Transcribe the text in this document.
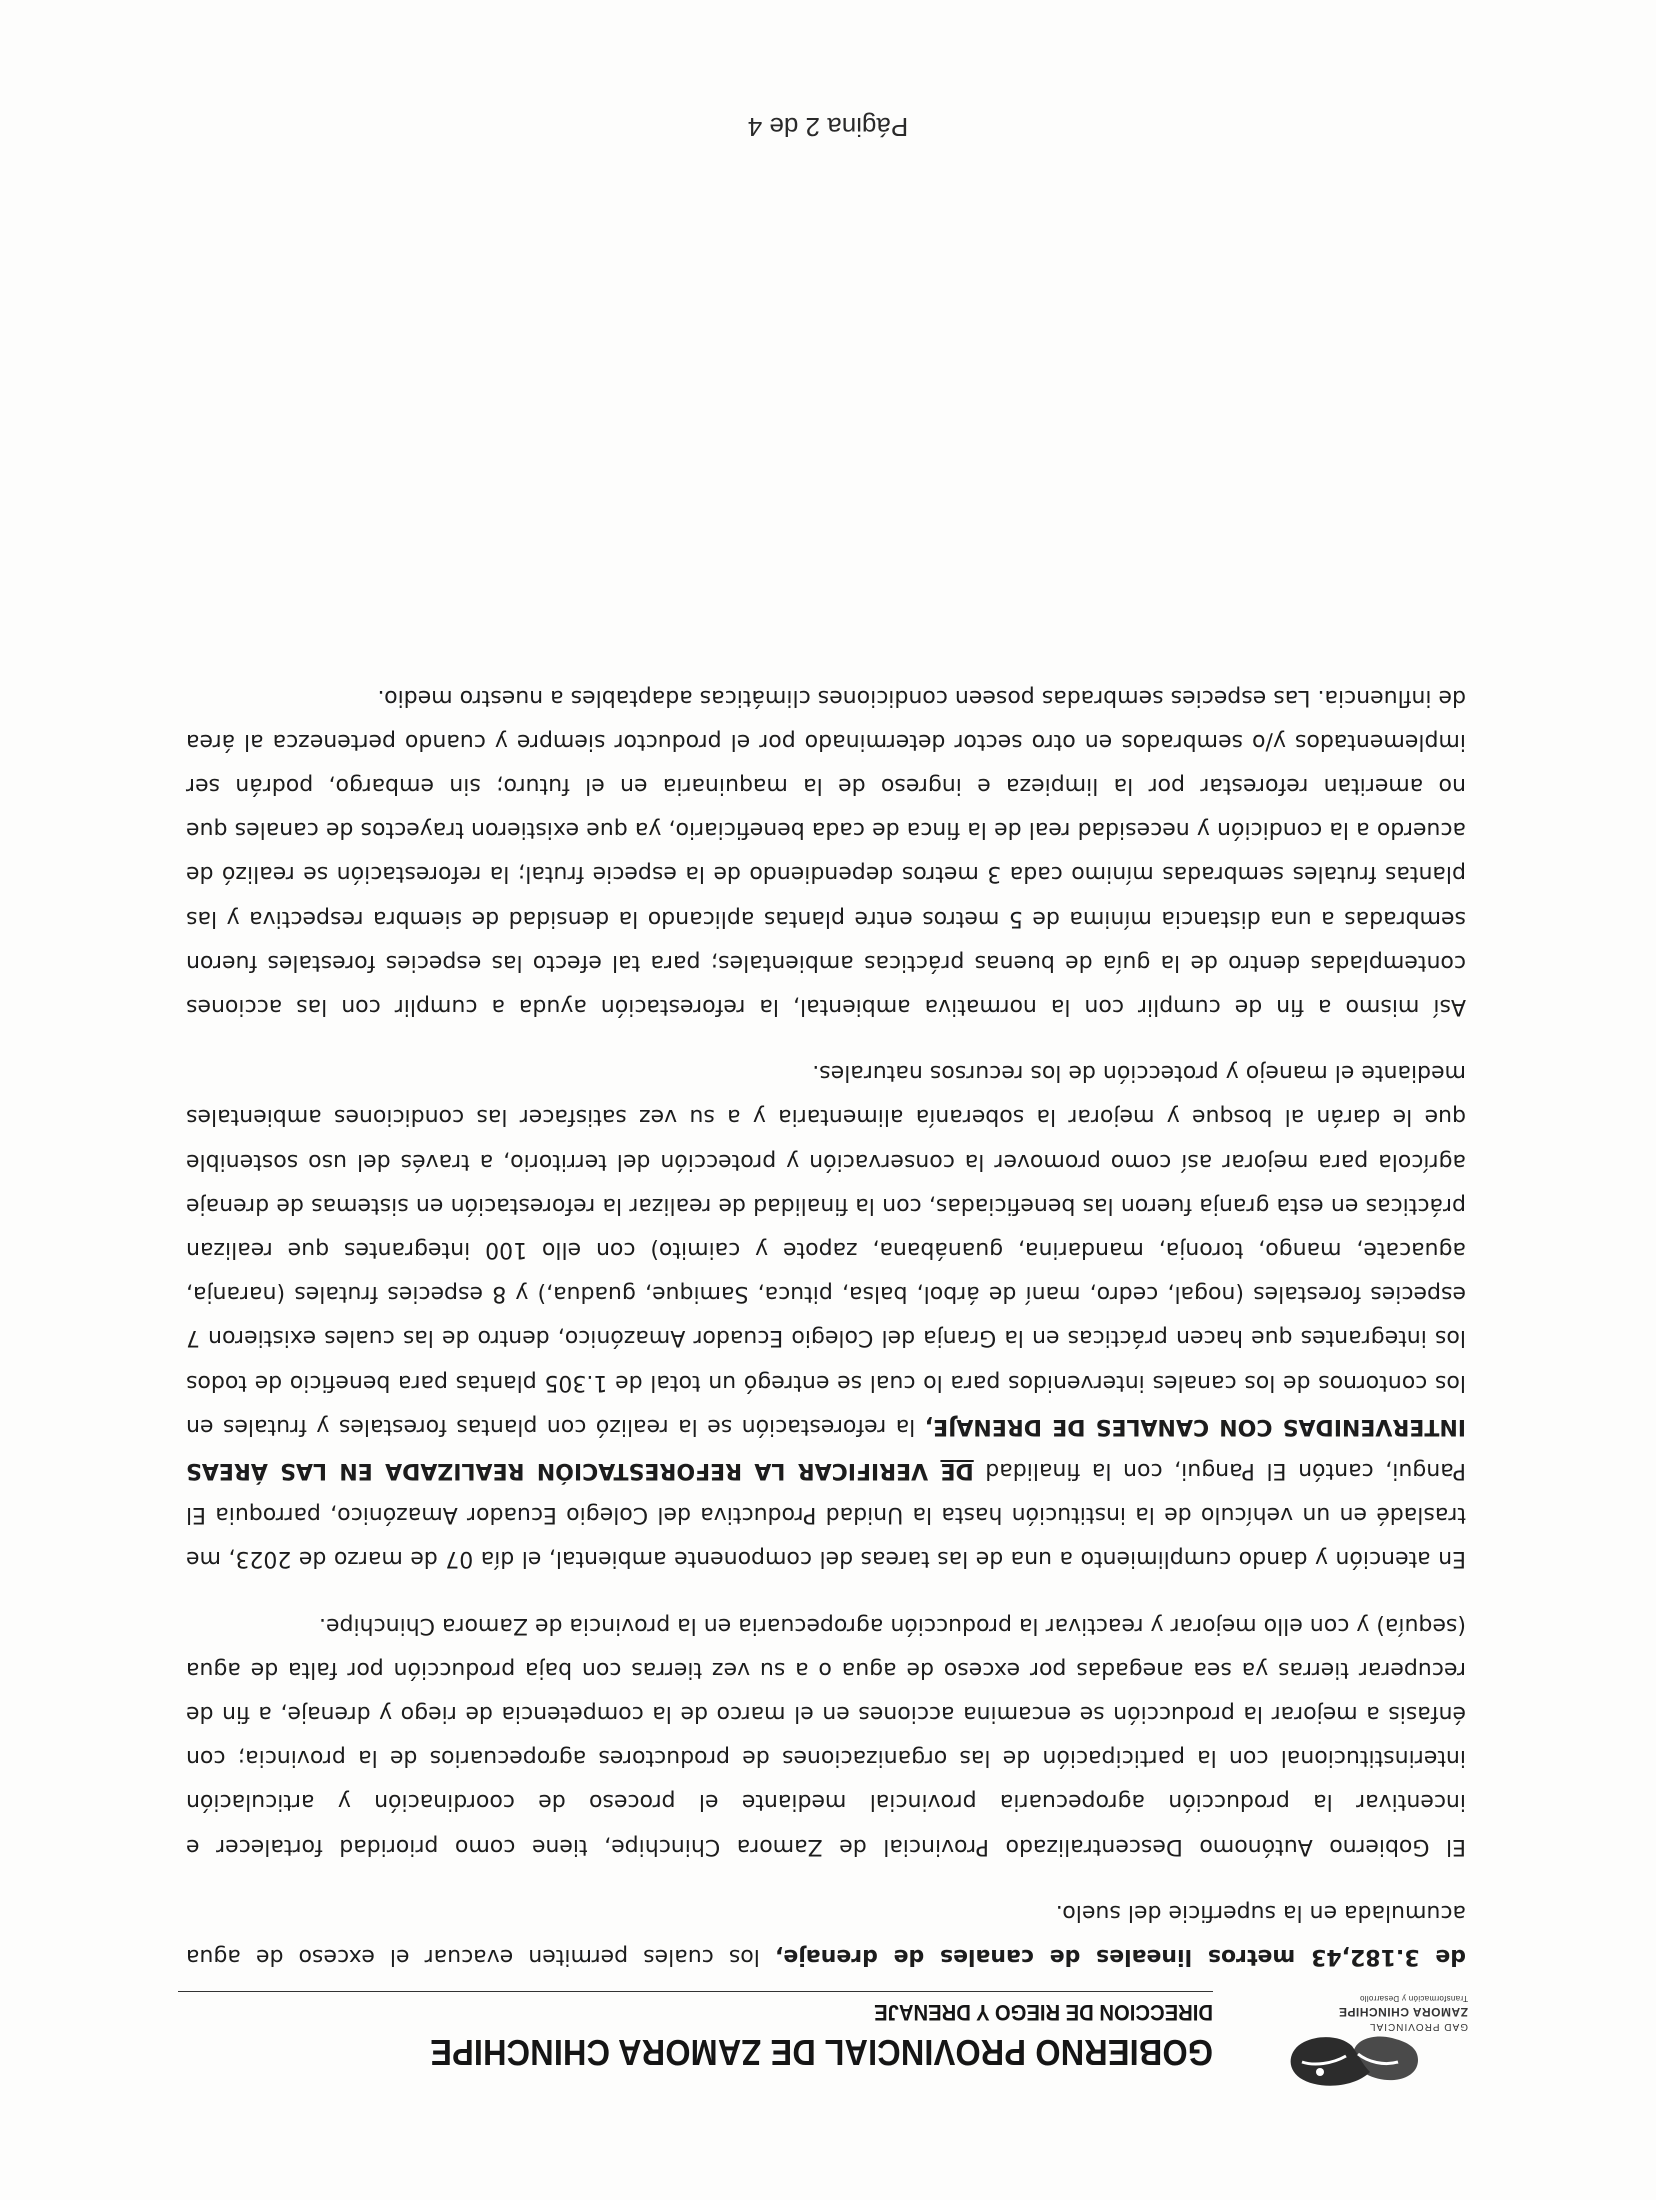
GAD PROVINCIAL
ZAMORA CHINCHIPE
Transformación y Desarrollo
GOBIERNO PROVINCIAL DE ZAMORA CHINCHIPE
DIRECCION DE RIEGO Y DRENAJE

de 3.182,43 metros lineales de canales de drenaje, los cuales permiten evacuar el exceso de agua acumulada en la superficie del suelo.

El Gobierno Autónomo Descentralizado Provincial de Zamora Chinchipe, tiene como prioridad fortalecer e incentivar la producción agropecuaria provincial mediante el proceso de coordinación y articulación interinstitucional con la participación de las organizaciones de productores agropecuarios de la provincia; con énfasis a mejorar la producción se encamina acciones en el marco de la competencia de riego y drenaje, a fin de recuperar tierras ya sea anegadas por exceso de agua o a su vez tierras con baja producción por falta de agua (sequía) y con ello mejorar y reactivar la producción agropecuaria en la provincia de Zamora Chinchipe.

En atención y dando cumplimiento a una de las tareas del componente ambiental, el día 07 de marzo de 2023, me trasladé en un vehículo de la institución hasta la Unidad Productiva del Colegio Ecuador Amazónico, parroquia El Pangui, cantón El Pangui, con la finalidad DE VERIFICAR LA REFORESTACIÓN REALIZADA EN LAS ÁREAS INTERVENIDAS CON CANALES DE DRENAJE, la reforestación se la realizó con plantas forestales y frutales en los contornos de los canales intervenidos para lo cual se entregó un total de 1.305 plantas para beneficio de todos los integrantes que hacen prácticas en la Granja del Colegio Ecuador Amazónico, dentro de las cuales existieron 7 especies forestales (nogal, cedro, maní de árbol, balsa, pituca, Samique, guadua,) y 8 especies frutales (naranja, aguacate, mango, toronja, mandarina, guanábana, zapote y caimito) con ello 100 integrantes que realizan prácticas en esta granja fueron las beneficiadas, con la finalidad de realizar la reforestación en sistemas de drenaje agrícola para mejorar así como promover la conservación y protección del territorio, a través del uso sostenible que le darán al bosque y mejorar la soberanía alimentaria y a su vez satisfacer las condiciones ambientales mediante el manejo y protección de los recursos naturales.

Así mismo a fin de cumplir con la normativa ambiental, la reforestación ayuda a cumplir con las acciones contempladas dentro de la guía de buenas prácticas ambientales; para tal efecto las especies forestales fueron sembradas a una distancia mínima de 5 metros entre plantas aplicando la densidad de siembra respectiva y las plantas frutales sembradas mínimo cada 3 metros dependiendo de la especie frutal; la reforestación se realizó de acuerdo a la condición y necesidad real de la finca de cada beneficiario, ya que existieron trayectos de canales que no ameritan reforestar por la limpieza e ingreso de la maquinaria en el futuro; sin embargo, podrán ser implementados y/o sembrados en otro sector determinado por el productor siempre y cuando pertenezca al área de influencia. Las especies sembradas poseen condiciones climáticas adaptables a nuestro medio.

Página 2 de 4
